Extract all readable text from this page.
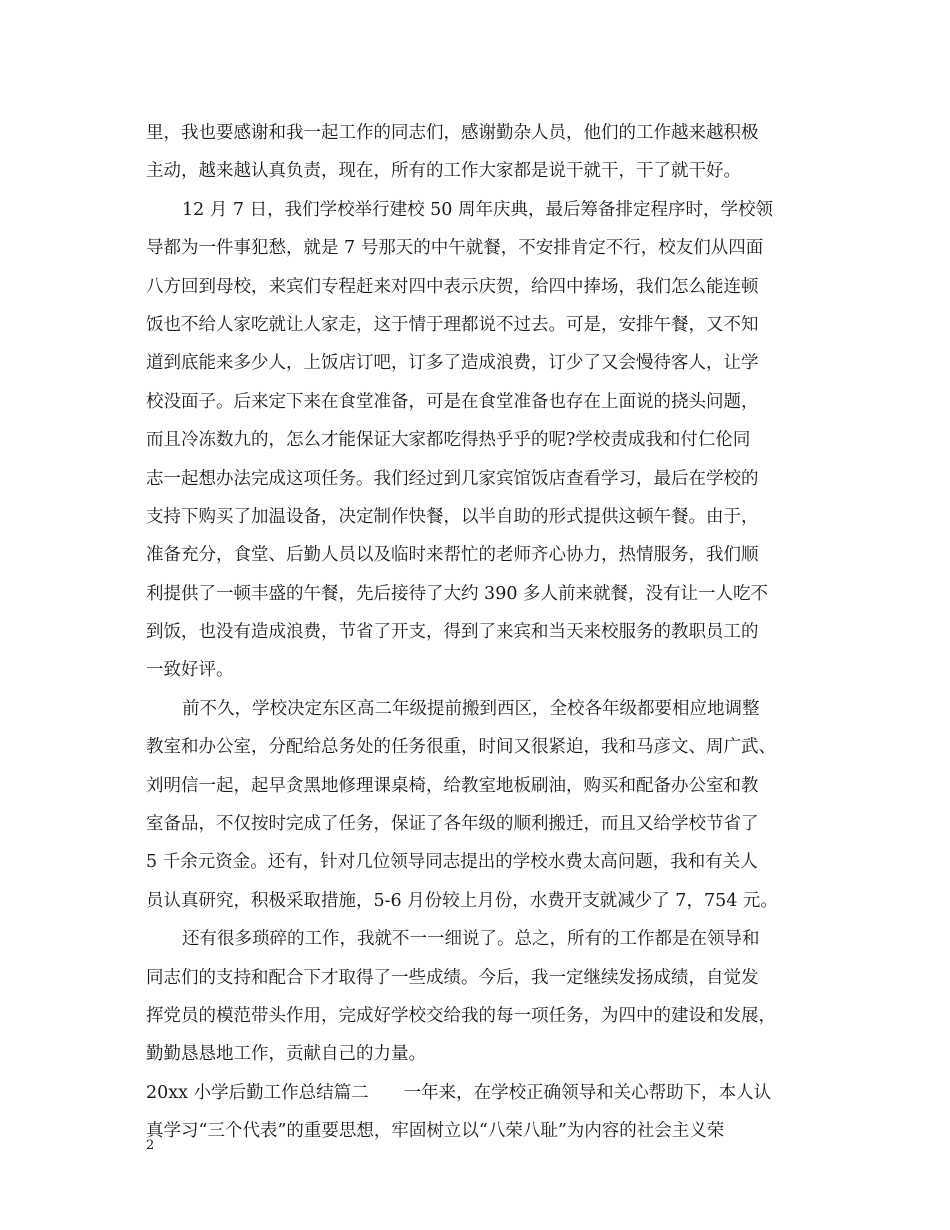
里，我也要感谢和我一起工作的同志们，感谢勤杂人员，他们的工作越来越积极
主动，越来越认真负责，现在，所有的工作大家都是说干就干，干了就干好。
12 月 7 日，我们学校举行建校 50 周年庆典，最后筹备排定程序时，学校领
导都为一件事犯愁，就是 7 号那天的中午就餐，不安排肯定不行，校友们从四面
八方回到母校，来宾们专程赶来对四中表示庆贺，给四中捧场，我们怎么能连顿
饭也不给人家吃就让人家走，这于情于理都说不过去。可是，安排午餐，又不知
道到底能来多少人，上饭店订吧，订多了造成浪费，订少了又会慢待客人，让学
校没面子。后来定下来在食堂准备，可是在食堂准备也存在上面说的挠头问题，
而且冷冻数九的，怎么才能保证大家都吃得热乎乎的呢?学校责成我和付仁伦同
志一起想办法完成这项任务。我们经过到几家宾馆饭店查看学习，最后在学校的
支持下购买了加温设备，决定制作快餐，以半自助的形式提供这顿午餐。由于，
准备充分，食堂、后勤人员以及临时来帮忙的老师齐心协力，热情服务，我们顺
利提供了一顿丰盛的午餐，先后接待了大约 390 多人前来就餐，没有让一人吃不
到饭，也没有造成浪费，节省了开支，得到了来宾和当天来校服务的教职员工的
一致好评。
前不久，学校决定东区高二年级提前搬到西区，全校各年级都要相应地调整
教室和办公室，分配给总务处的任务很重，时间又很紧迫，我和马彦文、周广武、
刘明信一起，起早贪黑地修理课桌椅，给教室地板刷油，购买和配备办公室和教
室备品，不仅按时完成了任务，保证了各年级的顺利搬迁，而且又给学校节省了
5 千余元资金。还有，针对几位领导同志提出的学校水费太高问题，我和有关人
员认真研究，积极采取措施，5-6 月份较上月份，水费开支就减少了 7，754 元。
还有很多琐碎的工作，我就不一一细说了。总之，所有的工作都是在领导和
同志们的支持和配合下才取得了一些成绩。今后，我一定继续发扬成绩，自觉发
挥党员的模范带头作用，完成好学校交给我的每一项任务，为四中的建设和发展，
勤勤恳恳地工作，贡献自己的力量。
20xx 小学后勤工作总结篇二　　一年来，在学校正确领导和关心帮助下，本人认
真学习“三个代表”的重要思想，牢固树立以“八荣八耻”为内容的社会主义荣
2
